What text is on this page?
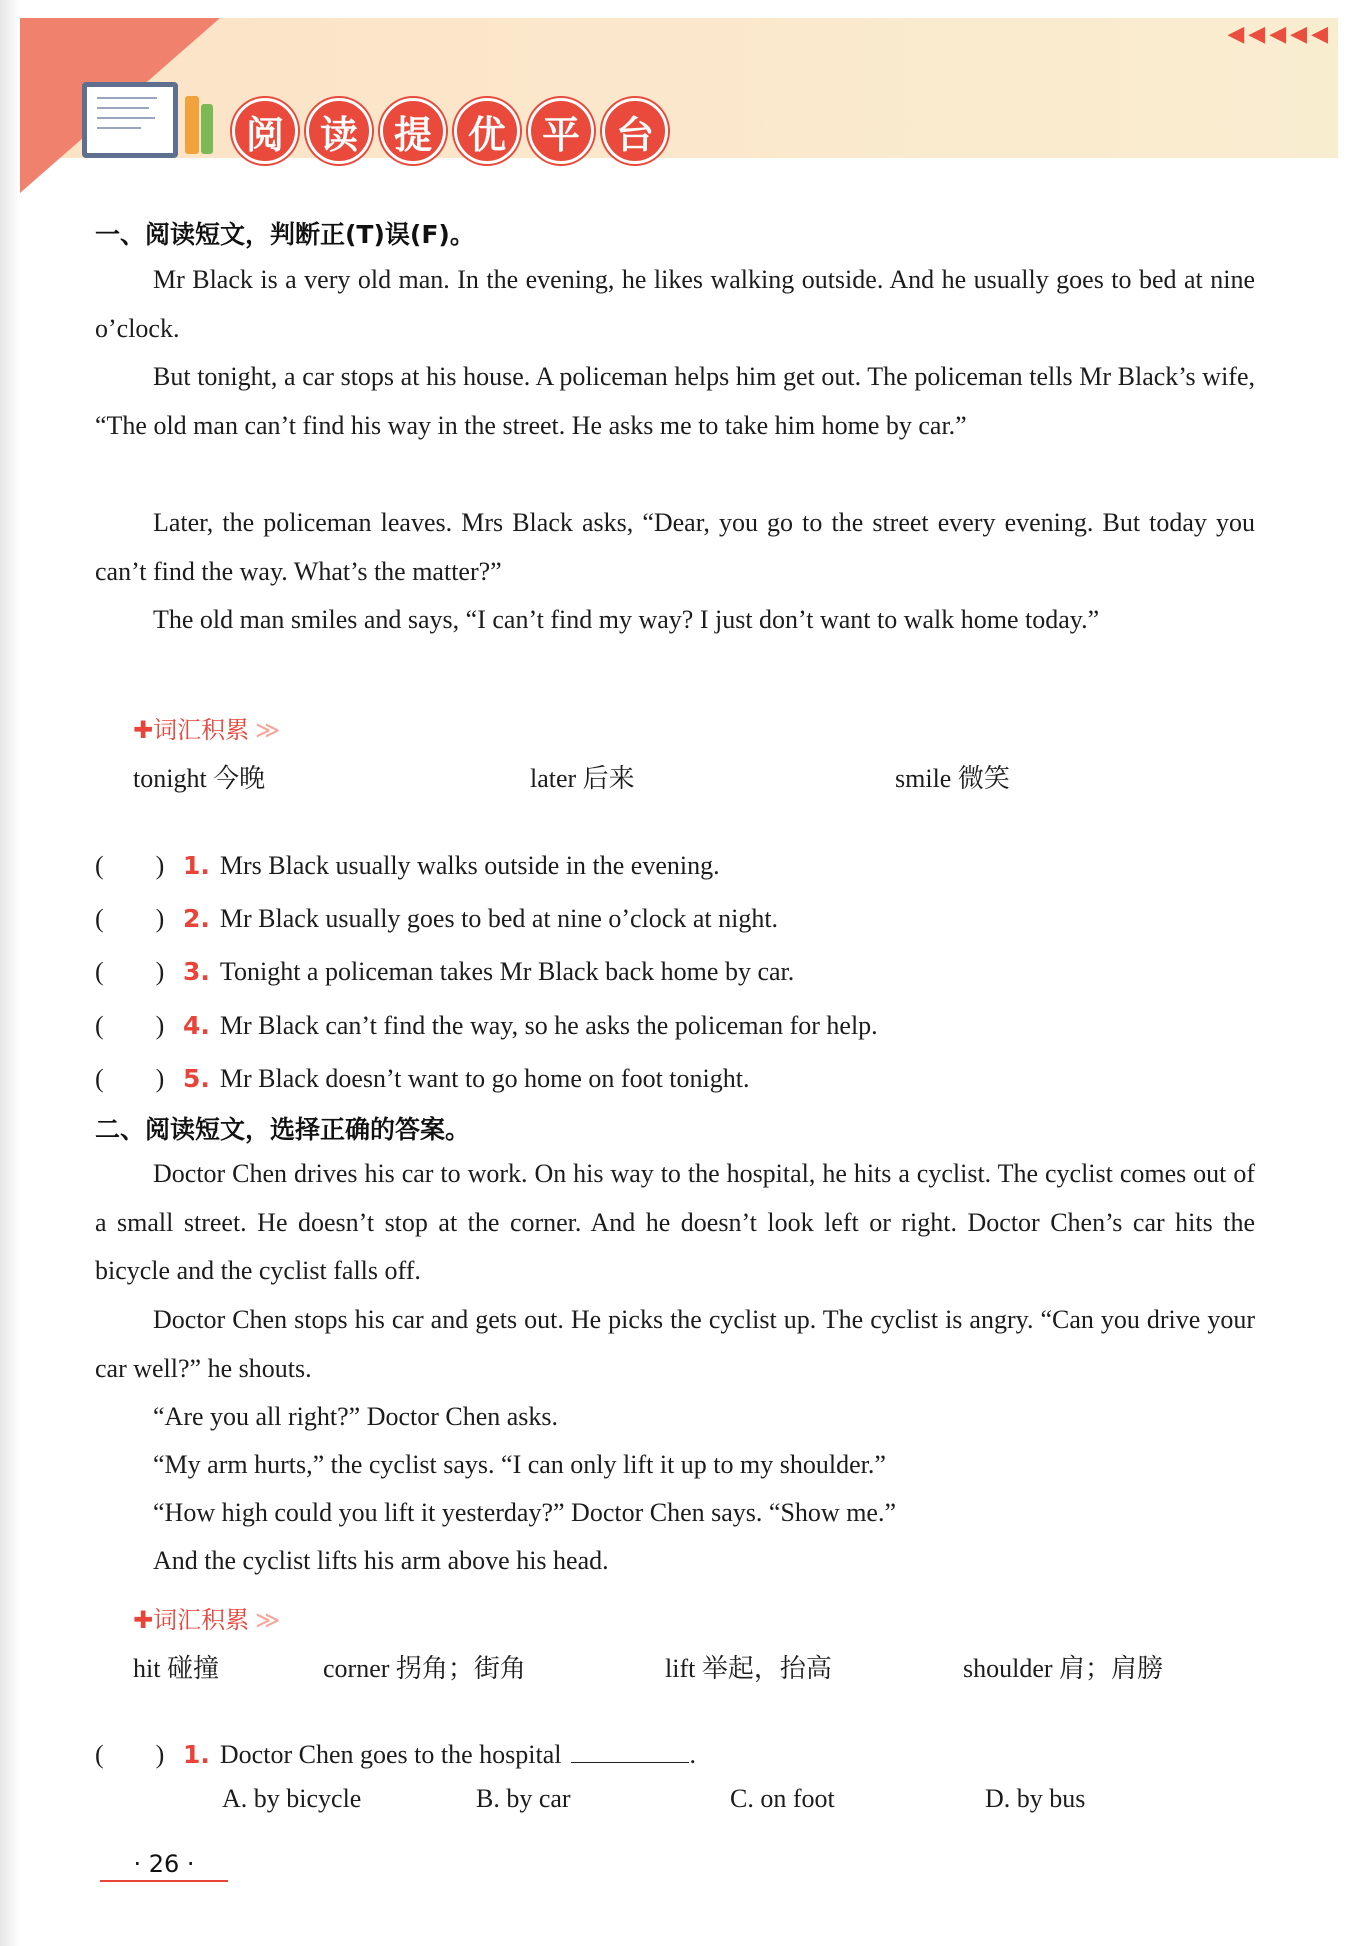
◀◀◀◀◀
阅 读 提 优 平 台
一、阅读短文，判断正(T)误(F)。
Mr Black is a very old man. In the evening, he likes walking outside. And he usually goes to bed at nine o’clock.
But tonight, a car stops at his house. A policeman helps him get out. The policeman tells Mr Black’s wife, “The old man can’t find his way in the street. He asks me to take him home by car.”
Later, the policeman leaves. Mrs Black asks, “Dear, you go to the street every evening. But today you can’t find the way. What’s the matter?”
The old man smiles and says, “I can’t find my way? I just don’t want to walk home today.”
✚词汇积累 ≫
tonight 今晚	later 后来	smile 微笑
(　　) 1. Mrs Black usually walks outside in the evening.
(　　) 2. Mr Black usually goes to bed at nine o’clock at night.
(　　) 3. Tonight a policeman takes Mr Black back home by car.
(　　) 4. Mr Black can’t find the way, so he asks the policeman for help.
(　　) 5. Mr Black doesn’t want to go home on foot tonight.
二、阅读短文，选择正确的答案。
Doctor Chen drives his car to work. On his way to the hospital, he hits a cyclist. The cyclist comes out of a small street. He doesn’t stop at the corner. And he doesn’t look left or right. Doctor Chen’s car hits the bicycle and the cyclist falls off.
Doctor Chen stops his car and gets out. He picks the cyclist up. The cyclist is angry. “Can you drive your car well?” he shouts.
“Are you all right?” Doctor Chen asks.
“My arm hurts,” the cyclist says. “I can only lift it up to my shoulder.”
“How high could you lift it yesterday?” Doctor Chen says. “Show me.”
And the cyclist lifts his arm above his head.
✚词汇积累 ≫
hit 碰撞	corner 拐角；街角	lift 举起，抬高	shoulder 肩；肩膀
(　　) 1. Doctor Chen goes to the hospital	.
A. by bicycle	B. by car	C. on foot	D. by bus
· 26 ·
